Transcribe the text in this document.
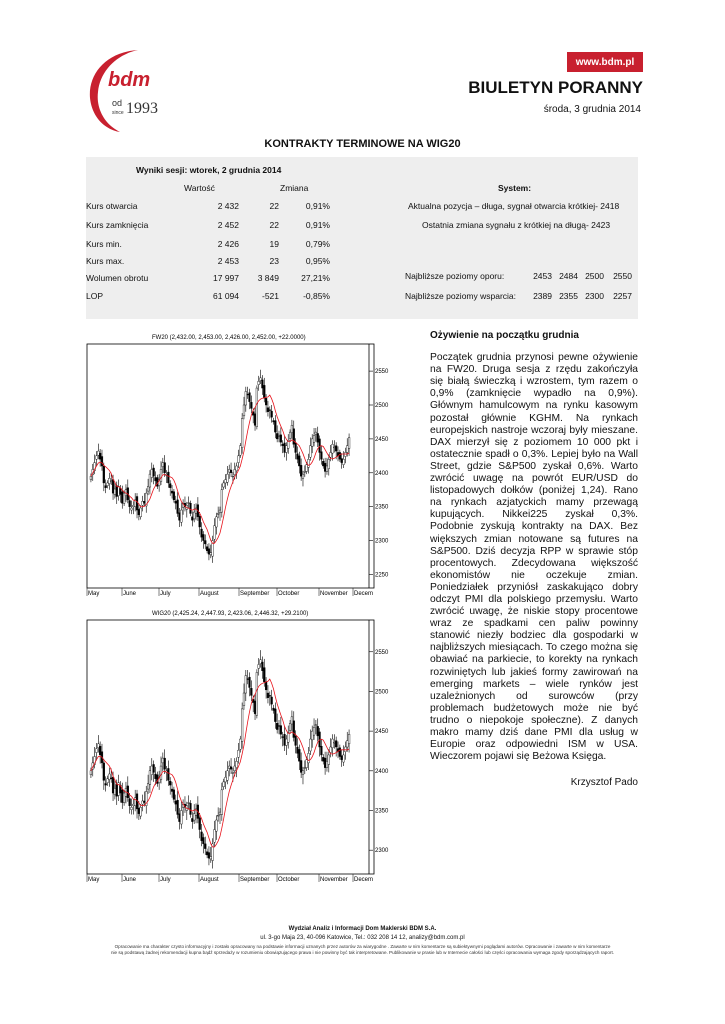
bdm
od
since 1993
www.bdm.pl
BIULETYN PORANNY
środa, 3 grudnia 2014
KONTRAKTY TERMINOWE NA WIG20
Wyniki sesji: wtorek, 2 grudnia 2014
Wartość	Zmiana	System:
Kurs otwarcia	2 432	22	0,91%
Kurs zamknięcia	2 452	22	0,91%
Kurs min.	2 426	19	0,79%
Kurs max.	2 453	23	0,95%
Wolumen obrotu	17 997	3 849	27,21%
LOP	61 094	-521	-0,85%
Aktualna pozycja – długa, sygnał otwarcia krótkiej- 2418
Ostatnia zmiana sygnału z krótkiej na długą- 2423
Najbliższe poziomy oporu:	2453 2484 2500	2550
Najbliższe poziomy wsparcia:	2389 2355 2300	2257
FW20 (2,432.00, 2,453.00, 2,426.00, 2,452.00, +22.0000)
2250
2300
2350
2400
2450
2500
2550
May	June	July	August	September October	November Decem
WIG20 (2,425.24, 2,447.93, 2,423.06, 2,446.32, +29.2100)
2300
2350
2400
2450
2500
2550
May	June	July	August	September October	November Decem
Ożywienie na początku grudnia

Początek grudnia przynosi pewne ożywienie na FW20. Druga sesja z rzędu zakończyła się białą świeczką i wzrostem, tym razem o 0,9% (zamknięcie wypadło na 0,9%). Głównym hamulcowym na rynku kasowym pozostał głównie KGHM. Na rynkach europejskich nastroje wczoraj były mieszane. DAX mierzył się z poziomem 10 000 pkt i ostatecznie spadł o 0,3%. Lepiej było na Wall Street, gdzie S&P500 zyskał 0,6%. Warto zwrócić uwagę na powrót EUR/USD do listopadowych dołków (poniżej 1,24). Rano na rynkach azjatyckich mamy przewagą kupujących. Nikkei225 zyskał 0,3%. Podobnie zyskują kontrakty na DAX. Bez większych zmian notowane są futures na S&P500. Dziś decyzja RPP w sprawie stóp procentowych. Zdecydowana większość ekonomistów nie oczekuje zmian. Poniedziałek przyniósł zaskakująco dobry odczyt PMI dla polskiego przemysłu. Warto zwrócić uwagę, że niskie stopy procentowe wraz ze spadkami cen paliw powinny stanowić niezły bodziec dla gospodarki w najbliższych miesiącach. To czego można się obawiać na parkiecie, to korekty na rynkach rozwiniętych lub jakieś formy zawirowań na emerging markets – wiele rynków jest uzależnionych od surowców (przy problemach budżetowych może nie być trudno o niepokoje społeczne). Z danych makro mamy dziś dane PMI dla usług w Europie oraz odpowiedni ISM w USA. Wieczorem pojawi się Beżowa Księga.

Krzysztof Pado
Wydział Analiz i Informacji Dom Maklerski BDM S.A.
ul. 3-go Maja 23, 40-096 Katowice, Tel.: 032 208 14 12, analizy@bdm.com.pl
Opracowanie ma charakter czysto informacyjny i zostało opracowany na podstawie informacji uznanych przez autorów za wiarygodne . Zawarte w nim komentarze są subiektywnymi poglądami autorów. Opracowanie i zawarte w nim komentarze
nie są podstawą żadnej rekomendacji kupna bądź sprzedaży w rozumieniu obowiązującego prawa i nie powinny być tak interpretowane. Publikowanie w prasie lub w Internecie całości lub części opracowania wymaga zgody sporządzających raport.
